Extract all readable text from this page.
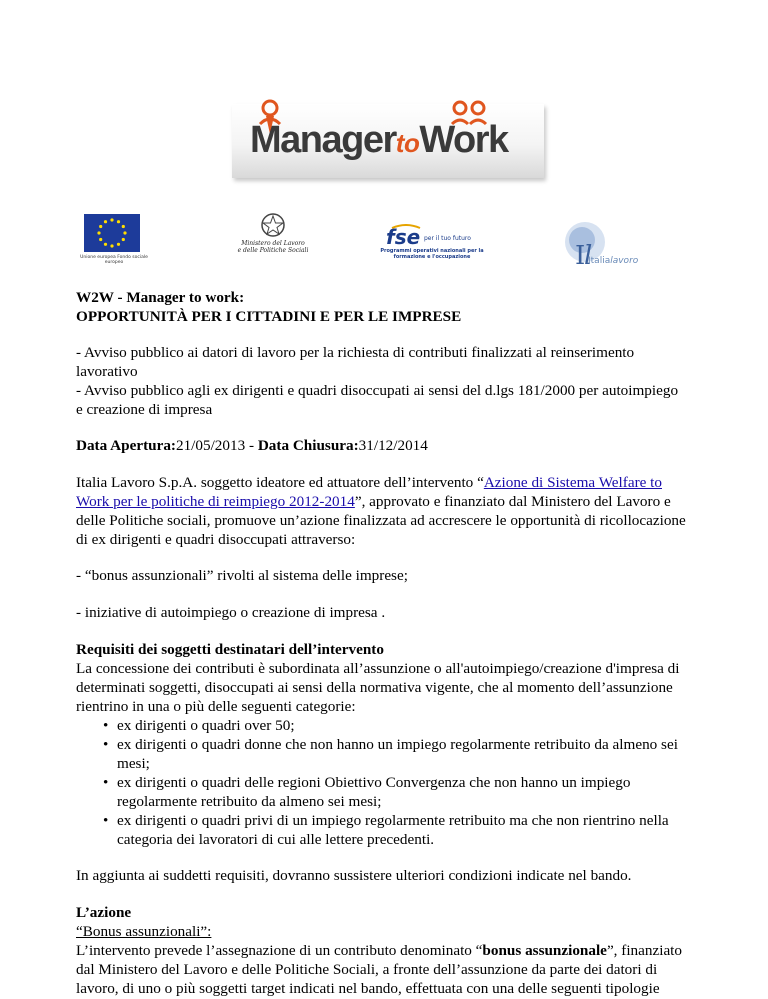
ManagertoWork
Unione europea Fondo sociale europeo
Ministero del Lavoro
e delle Politiche Sociali
fse per il tuo futuro
Programmi operativi nazionali per la formazione e l'occupazione	I
l
Italialavoro
W2W - Manager to work:
OPPORTUNITÀ PER I CITTADINI E PER LE IMPRESE
- Avviso pubblico ai datori di lavoro per la richiesta di contributi finalizzati al reinserimento
lavorativo
- Avviso pubblico agli ex dirigenti e quadri disoccupati ai sensi del d.lgs 181/2000 per autoimpiego
e creazione di impresa
Data Apertura:21/05/2013 - Data Chiusura:31/12/2014
Italia Lavoro S.p.A. soggetto ideatore ed attuatore dell’intervento “Azione di Sistema Welfare to
Work per le politiche di reimpiego 2012-2014”, approvato e finanziato dal Ministero del Lavoro e
delle Politiche sociali, promuove un’azione finalizzata ad accrescere le opportunità di ricollocazione
di ex dirigenti e quadri disoccupati attraverso:
- “bonus assunzionali” rivolti al sistema delle imprese;
- iniziative di autoimpiego o creazione di impresa .
Requisiti dei soggetti destinatari dell’intervento
La concessione dei contributi è subordinata all’assunzione o all'autoimpiego/creazione d'impresa di
determinati soggetti, disoccupati ai sensi della normativa vigente, che al momento dell’assunzione
rientrino in una o più delle seguenti categorie:
• ex dirigenti o quadri over 50;
• ex dirigenti o quadri donne che non hanno un impiego regolarmente retribuito da almeno sei
mesi;
• ex dirigenti o quadri delle regioni Obiettivo Convergenza che non hanno un impiego
regolarmente retribuito da almeno sei mesi;
• ex dirigenti o quadri privi di un impiego regolarmente retribuito ma che non rientrino nella
categoria dei lavoratori di cui alle lettere precedenti.
In aggiunta ai suddetti requisiti, dovranno sussistere ulteriori condizioni indicate nel bando.
L’azione
“Bonus assunzionali”:
L’intervento prevede l’assegnazione di un contributo denominato “bonus assunzionale”, finanziato
dal Ministero del Lavoro e delle Politiche Sociali, a fronte dell’assunzione da parte dei datori di
lavoro, di uno o più soggetti target indicati nel bando, effettuata con una delle seguenti tipologie
